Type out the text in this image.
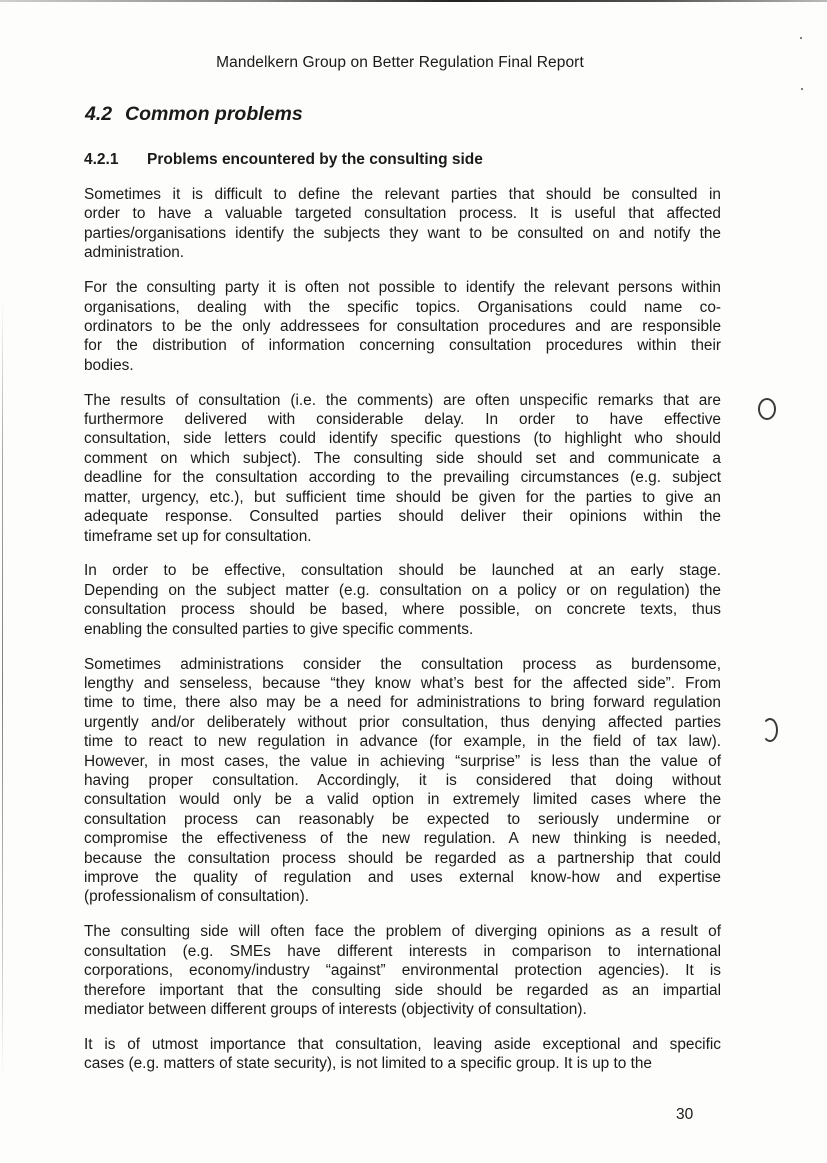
Mandelkern Group on Better Regulation Final Report
4.2 Common problems
4.2.1 Problems encountered by the consulting side
Sometimes it is difficult to define the relevant parties that should be consulted in
order to have a valuable targeted consultation process. It is useful that affected
parties/organisations identify the subjects they want to be consulted on and notify the
administration.
For the consulting party it is often not possible to identify the relevant persons within
organisations, dealing with the specific topics. Organisations could name co-
ordinators to be the only addressees for consultation procedures and are responsible
for the distribution of information concerning consultation procedures within their
bodies.
The results of consultation (i.e. the comments) are often unspecific remarks that are
furthermore delivered with considerable delay. In order to have effective
consultation, side letters could identify specific questions (to highlight who should
comment on which subject). The consulting side should set and communicate a
deadline for the consultation according to the prevailing circumstances (e.g. subject
matter, urgency, etc.), but sufficient time should be given for the parties to give an
adequate response. Consulted parties should deliver their opinions within the
timeframe set up for consultation.
In order to be effective, consultation should be launched at an early stage.
Depending on the subject matter (e.g. consultation on a policy or on regulation) the
consultation process should be based, where possible, on concrete texts, thus
enabling the consulted parties to give specific comments.
Sometimes administrations consider the consultation process as burdensome,
lengthy and senseless, because “they know what’s best for the affected side”. From
time to time, there also may be a need for administrations to bring forward regulation
urgently and/or deliberately without prior consultation, thus denying affected parties
time to react to new regulation in advance (for example, in the field of tax law).
However, in most cases, the value in achieving “surprise” is less than the value of
having proper consultation. Accordingly, it is considered that doing without
consultation would only be a valid option in extremely limited cases where the
consultation process can reasonably be expected to seriously undermine or
compromise the effectiveness of the new regulation. A new thinking is needed,
because the consultation process should be regarded as a partnership that could
improve the quality of regulation and uses external know-how and expertise
(professionalism of consultation).
The consulting side will often face the problem of diverging opinions as a result of
consultation (e.g. SMEs have different interests in comparison to international
corporations, economy/industry “against” environmental protection agencies). It is
therefore important that the consulting side should be regarded as an impartial
mediator between different groups of interests (objectivity of consultation).
It is of utmost importance that consultation, leaving aside exceptional and specific
cases (e.g. matters of state security), is not limited to a specific group. It is up to the
30
